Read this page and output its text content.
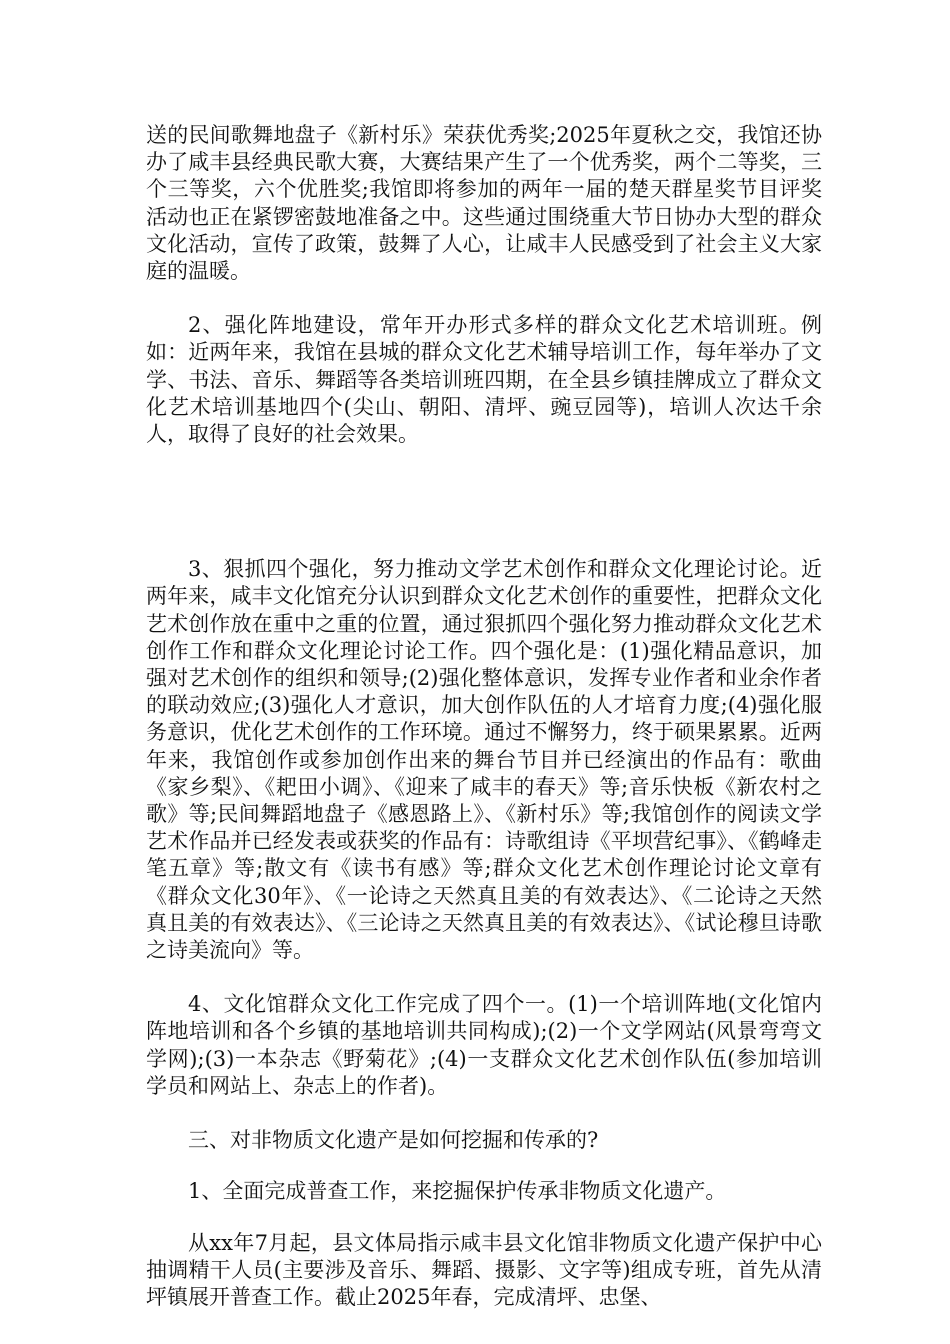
送的民间歌舞地盘子《新村乐》荣获优秀奖;2025年夏秋之交，我馆还协办了咸丰县经典民歌大赛，大赛结果产生了一个优秀奖，两个二等奖，三个三等奖，六个优胜奖;我馆即将参加的两年一届的楚天群星奖节目评奖活动也正在紧锣密鼓地准备之中。这些通过围绕重大节日协办大型的群众文化活动，宣传了政策，鼓舞了人心，让咸丰人民感受到了社会主义大家庭的温暖。

2、强化阵地建设，常年开办形式多样的群众文化艺术培训班。例如：近两年来，我馆在县城的群众文化艺术辅导培训工作，每年举办了文学、书法、音乐、舞蹈等各类培训班四期，在全县乡镇挂牌成立了群众文化艺术培训基地四个(尖山、朝阳、清坪、豌豆园等)，培训人次达千余人，取得了良好的社会效果。

3、狠抓四个强化，努力推动文学艺术创作和群众文化理论讨论。近两年来，咸丰文化馆充分认识到群众文化艺术创作的重要性，把群众文化艺术创作放在重中之重的位置，通过狠抓四个强化努力推动群众文化艺术创作工作和群众文化理论讨论工作。四个强化是：(1)强化精品意识，加强对艺术创作的组织和领导;(2)强化整体意识，发挥专业作者和业余作者的联动效应;(3)强化人才意识，加大创作队伍的人才培育力度;(4)强化服务意识，优化艺术创作的工作环境。通过不懈努力，终于硕果累累。近两年来，我馆创作或参加创作出来的舞台节目并已经演出的作品有：歌曲《家乡梨》、《耙田小调》、《迎来了咸丰的春天》等;音乐快板《新农村之歌》等;民间舞蹈地盘子《感恩路上》、《新村乐》等;我馆创作的阅读文学艺术作品并已经发表或获奖的作品有：诗歌组诗《平坝营纪事》、《鹤峰走笔五章》等;散文有《读书有感》等;群众文化艺术创作理论讨论文章有《群众文化30年》、《一论诗之天然真且美的有效表达》、《二论诗之天然真且美的有效表达》、《三论诗之天然真且美的有效表达》、《试论穆旦诗歌之诗美流向》等。

4、文化馆群众文化工作完成了四个一。(1)一个培训阵地(文化馆内阵地培训和各个乡镇的基地培训共同构成);(2)一个文学网站(风景弯弯文学网);(3)一本杂志《野菊花》;(4)一支群众文化艺术创作队伍(参加培训学员和网站上、杂志上的作者)。

三、对非物质文化遗产是如何挖掘和传承的?

1、全面完成普查工作，来挖掘保护传承非物质文化遗产。

从xx年7月起，县文体局指示咸丰县文化馆非物质文化遗产保护中心抽调精干人员(主要涉及音乐、舞蹈、摄影、文字等)组成专班，首先从清坪镇展开普查工作。截止2025年春，完成清坪、忠堡、
